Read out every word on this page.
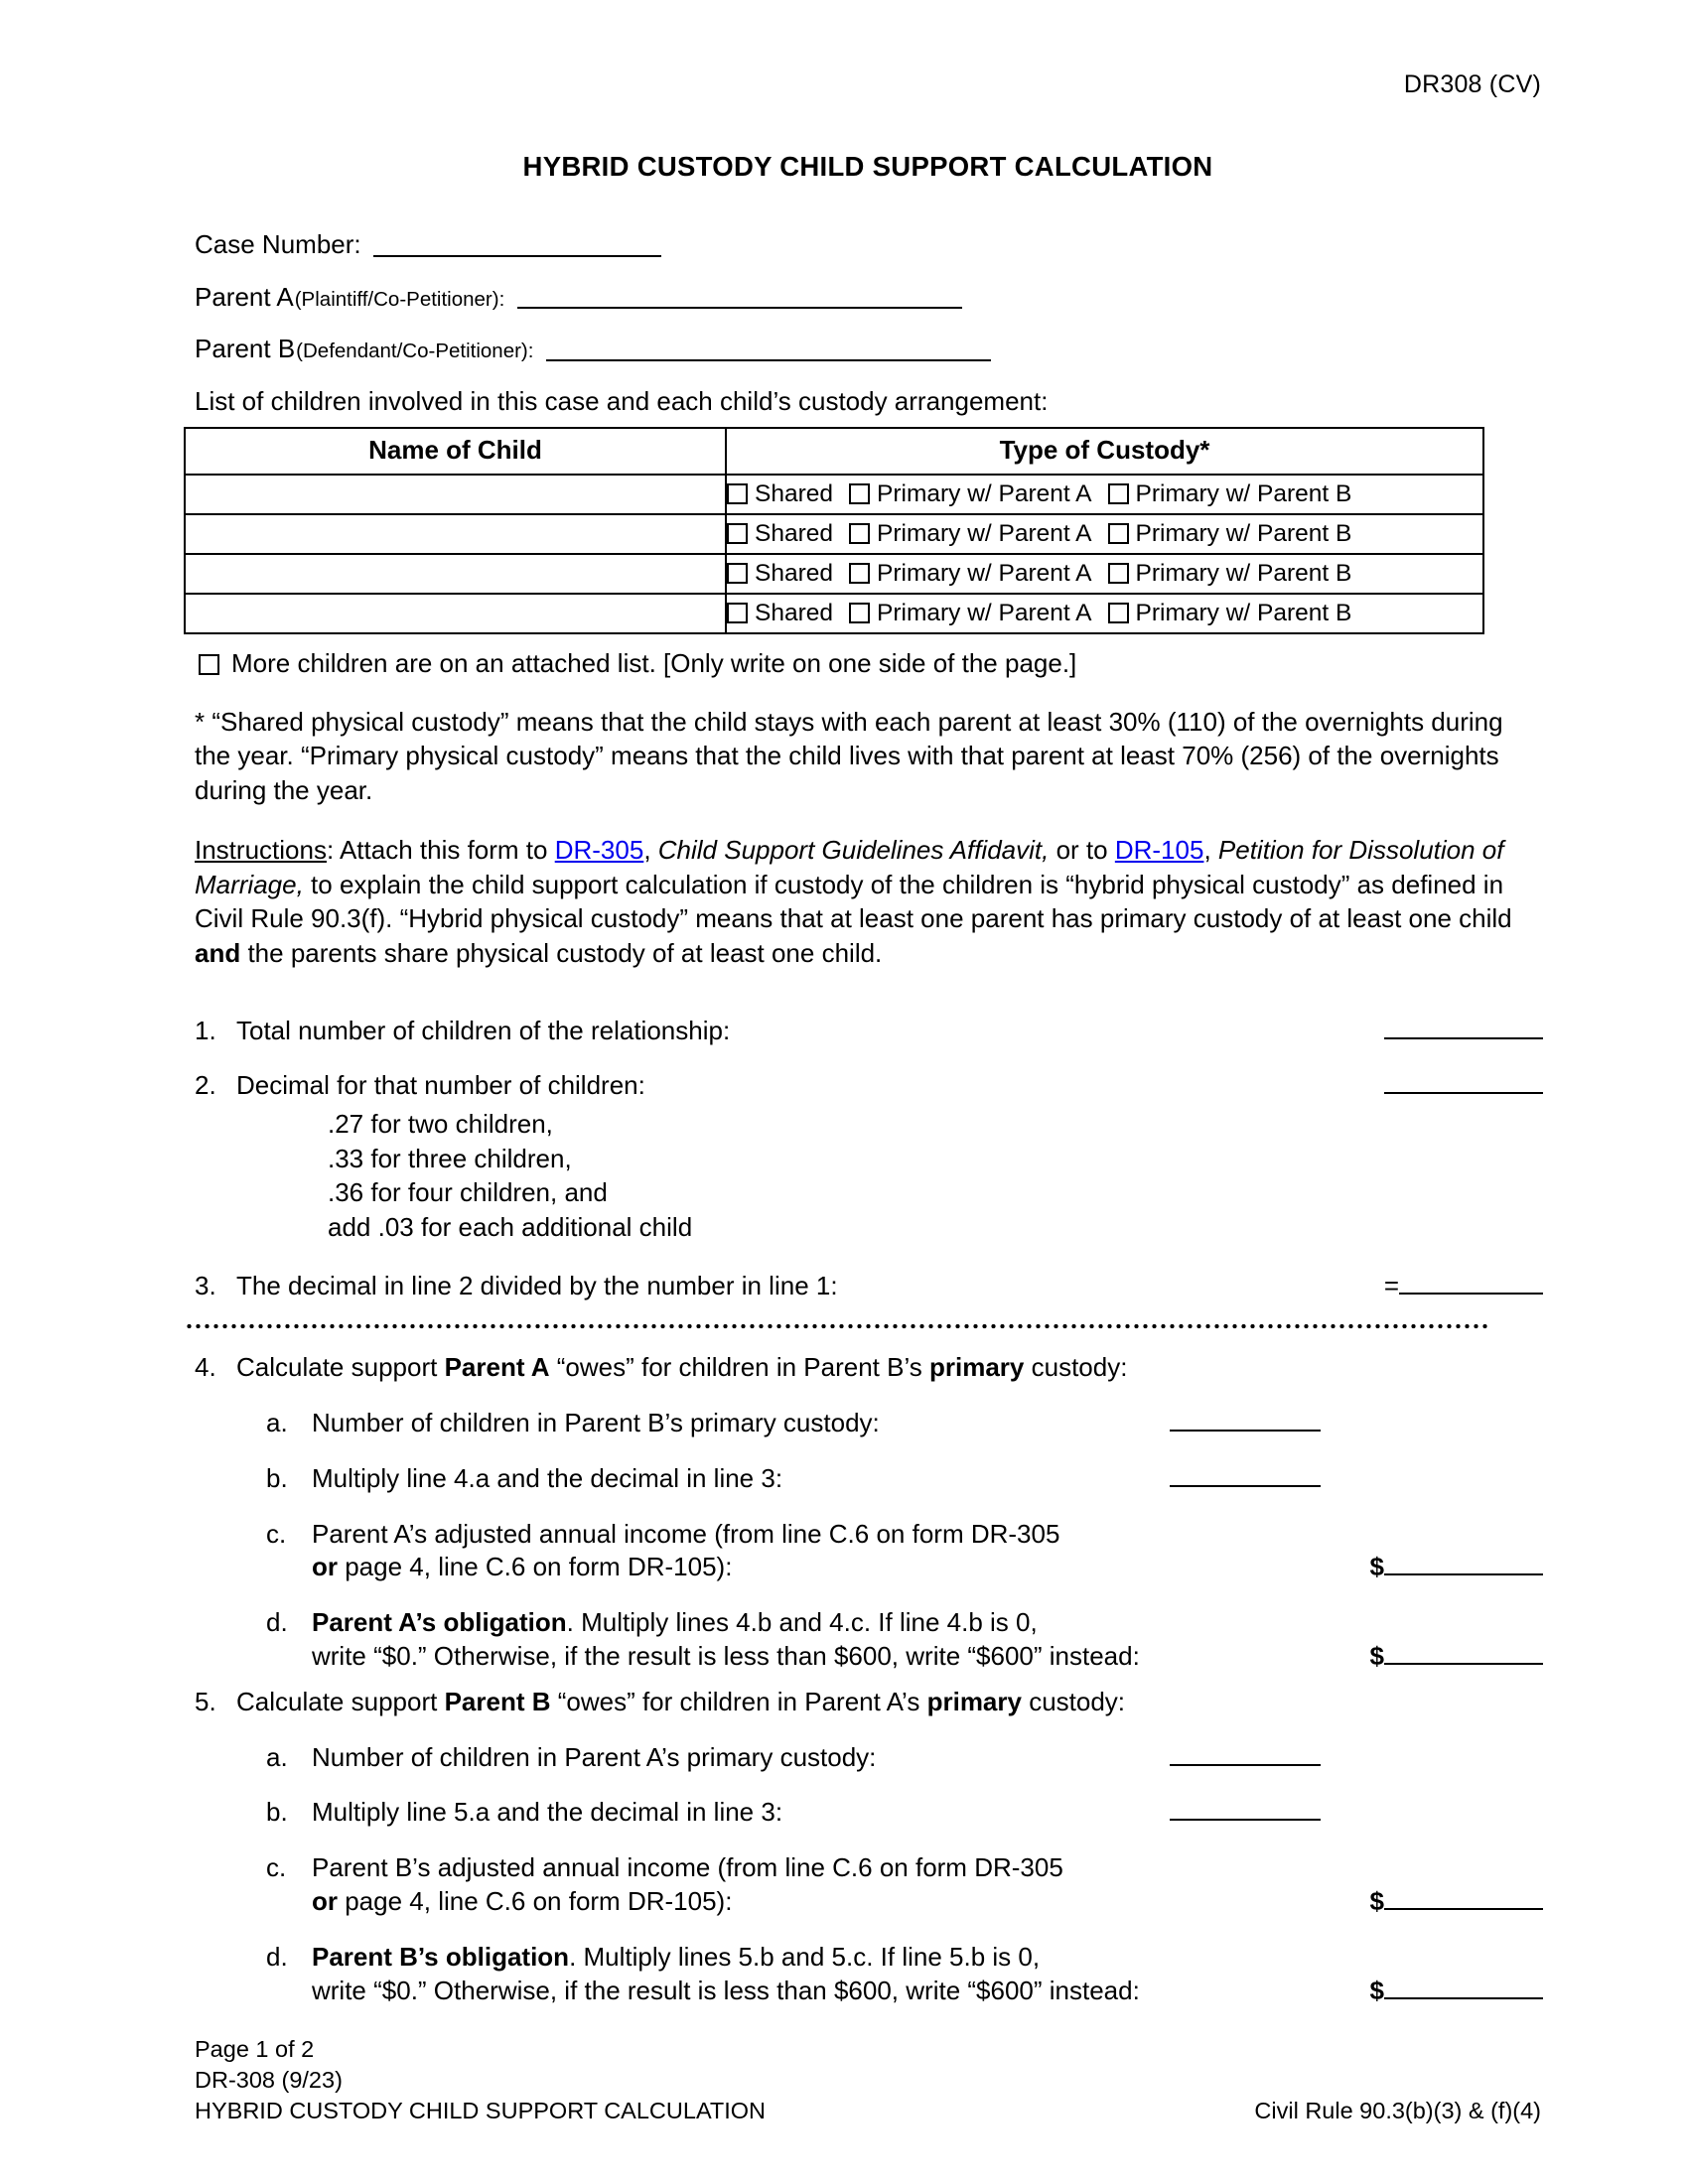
DR308 (CV)
HYBRID CUSTODY CHILD SUPPORT CALCULATION
Case Number:
Parent A (Plaintiff/Co-Petitioner):
Parent B (Defendant/Co-Petitioner):
List of children involved in this case and each child’s custody arrangement:
Name of Child	Type of Custody*
	Shared Primary w/ Parent A Primary w/ Parent B
	Shared Primary w/ Parent A Primary w/ Parent B
	Shared Primary w/ Parent A Primary w/ Parent B
	Shared Primary w/ Parent A Primary w/ Parent B
More children are on an attached list. [Only write on one side of the page.]
* “Shared physical custody” means that the child stays with each parent at least 30% (110) of the overnights during the year. “Primary physical custody” means that the child lives with that parent at least 70% (256) of the overnights during the year.
Instructions: Attach this form to DR-305, Child Support Guidelines Affidavit, or to DR-105, Petition for Dissolution of Marriage, to explain the child support calculation if custody of the children is “hybrid physical custody” as defined in Civil Rule 90.3(f). “Hybrid physical custody” means that at least one parent has primary custody of at least one child and the parents share physical custody of at least one child.
1. Total number of children of the relationship:
2. Decimal for that number of children:
.27 for two children,
.33 for three children,
.36 for four children, and
add .03 for each additional child
3. The decimal in line 2 divided by the number in line 1:	=
4. Calculate support Parent A “owes” for children in Parent B’s primary custody:
a. Number of children in Parent B’s primary custody:
b. Multiply line 4.a and the decimal in line 3:
c. Parent A’s adjusted annual income (from line C.6 on form DR-305
or page 4, line C.6 on form DR-105):	$
d. Parent A’s obligation. Multiply lines 4.b and 4.c. If line 4.b is 0,
write “$0.” Otherwise, if the result is less than $600, write “$600” instead:	$
5. Calculate support Parent B “owes” for children in Parent A’s primary custody:
a. Number of children in Parent A’s primary custody:
b. Multiply line 5.a and the decimal in line 3:
c. Parent B’s adjusted annual income (from line C.6 on form DR-305
or page 4, line C.6 on form DR-105):	$
d. Parent B’s obligation. Multiply lines 5.b and 5.c. If line 5.b is 0,
write “$0.” Otherwise, if the result is less than $600, write “$600” instead:	$
Page 1 of 2
DR-308 (9/23)
HYBRID CUSTODY CHILD SUPPORT CALCULATION	Civil Rule 90.3(b)(3) & (f)(4)
